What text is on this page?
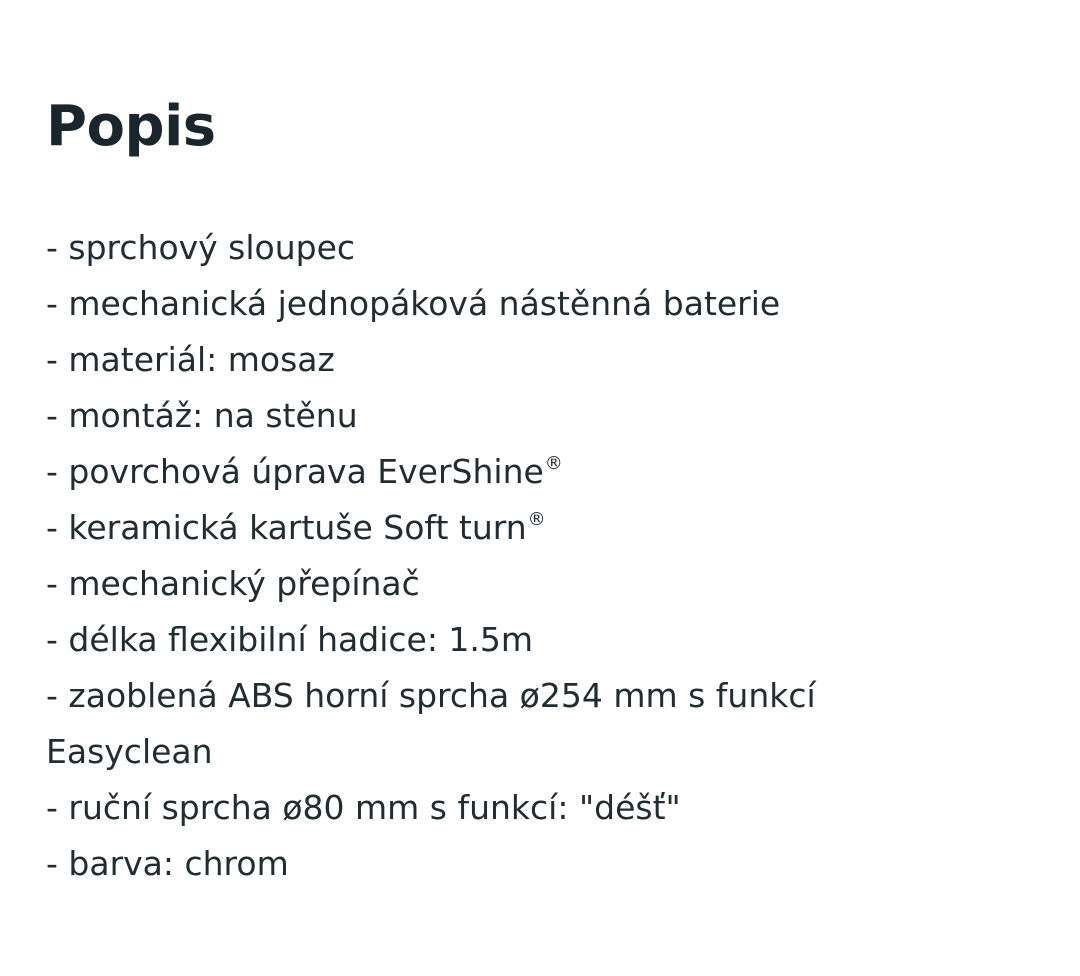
Popis
- sprchový sloupec
- mechanická jednopáková nástěnná baterie
- materiál: mosaz
- montáž: na stěnu
- povrchová úprava EverShine®
- keramická kartuše Soft turn®
- mechanický přepínač
- délka flexibilní hadice: 1.5m
- zaoblená ABS horní sprcha ø254 mm s funkcí Easyclean
- ruční sprcha ø80 mm s funkcí: "déšť"
- barva: chrom
